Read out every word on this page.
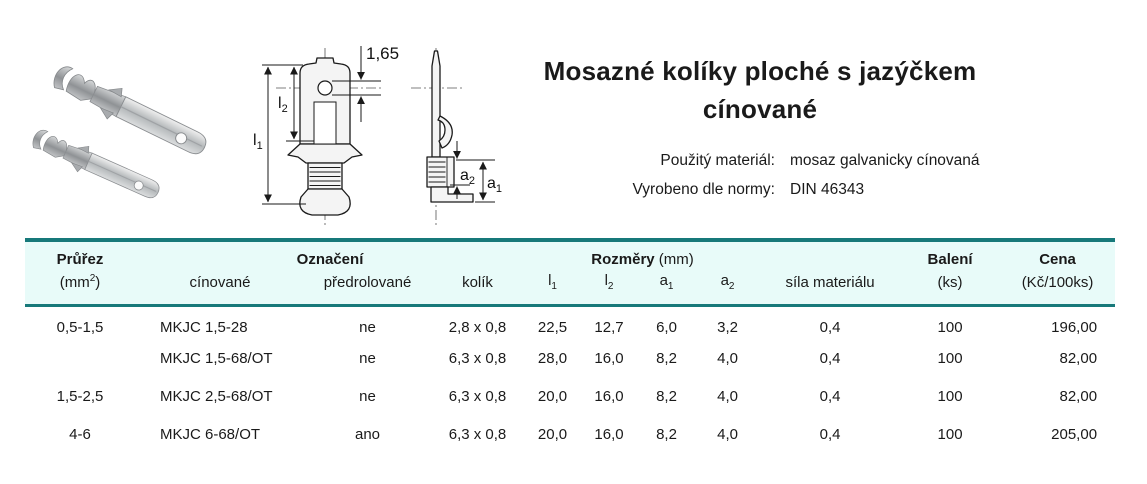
$l_1$
$l_2$
1,65
$a_2$ $a_1$
Mosazné kolíky ploché s jazýčkem
cínované
Použitý materiál: mosaz galvanicky cínovaná
Vyrobeno dle normy: DIN 46343
Průřez	Označení			Rozměry (mm)					Balení	Cena
$(mm^2)$	cínované	předrolované	kolík	$l_1$	$l_2$	$a_1$	$a_2$	síla materiálu	(ks)	(Kč/100ks)
0,5-1,5	MKJC 1,5-28	ne	2,8 x 0,8	22,5	12,7	6,0	3,2	0,4	100	196,00
	MKJC 1,5-68/OT	ne	6,3 x 0,8	28,0	16,0	8,2	4,0	0,4	100	82,00
1,5-2,5	MKJC 2,5-68/OT	ne	6,3 x 0,8	20,0	16,0	8,2	4,0	0,4	100	82,00
4-6	MKJC 6-68/OT	ano	6,3 x 0,8	20,0	16,0	8,2	4,0	0,4	100	205,00
